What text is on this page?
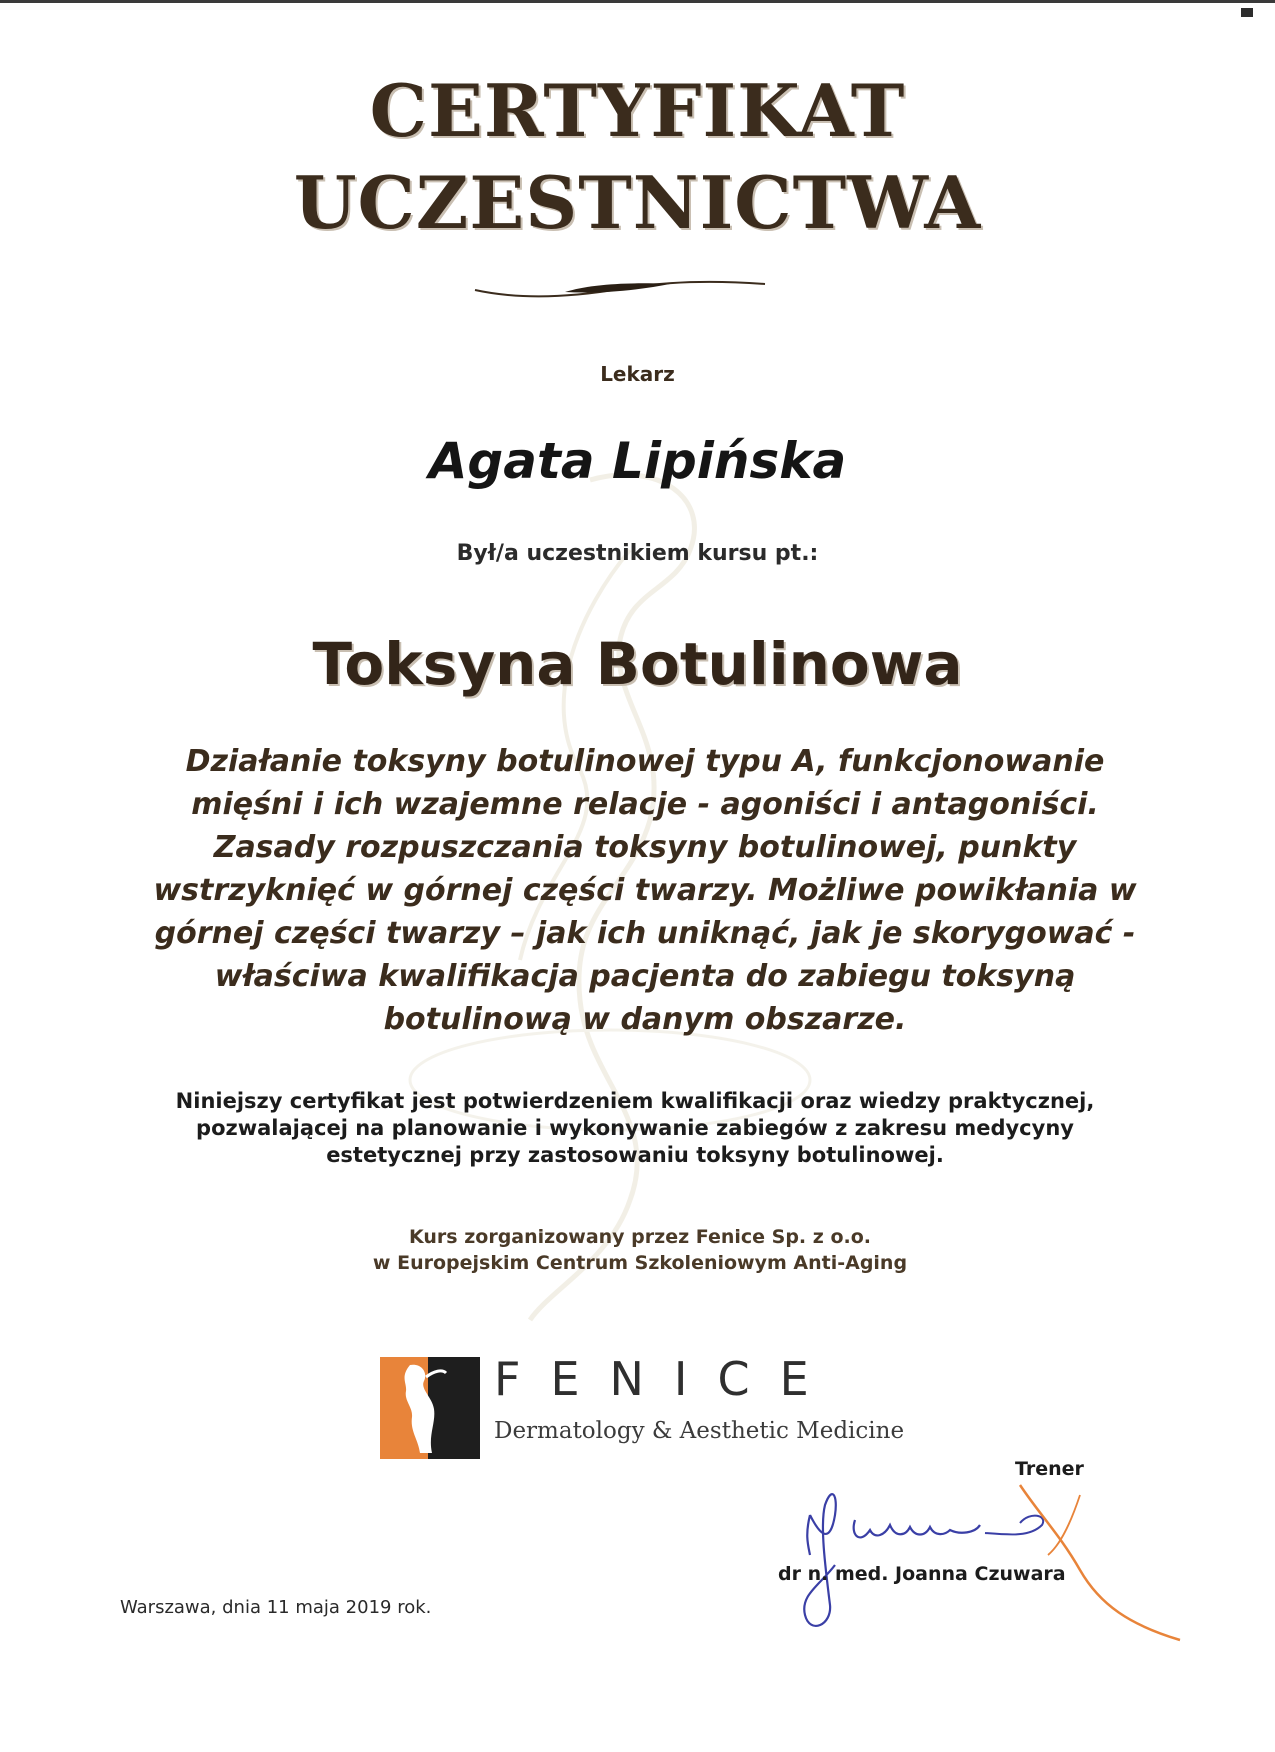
CERTYFIKAT
UCZESTNICTWA
Lekarz
Agata Lipińska
Był/a uczestnikiem kursu pt.:
Toksyna Botulinowa
Działanie toksyny botulinowej typu A, funkcjonowanie mięśni i ich wzajemne relacje - agoniści i antagoniści. Zasady rozpuszczania toksyny botulinowej, punkty wstrzyknięć w górnej części twarzy. Możliwe powikłania w górnej części twarzy – jak ich uniknąć, jak je skorygować - właściwa kwalifikacja pacjenta do zabiegu toksyną botulinową w danym obszarze.
Niniejszy certyfikat jest potwierdzeniem kwalifikacji oraz wiedzy praktycznej, pozwalającej na planowanie i wykonywanie zabiegów z zakresu medycyny estetycznej przy zastosowaniu toksyny botulinowej.
Kurs zorganizowany przez Fenice Sp. z o.o.
w Europejskim Centrum Szkoleniowym Anti-Aging
FENICE
Dermatology & Aesthetic Medicine
Trener
dr n. med. Joanna Czuwara
Warszawa, dnia 11 maja 2019 rok.
